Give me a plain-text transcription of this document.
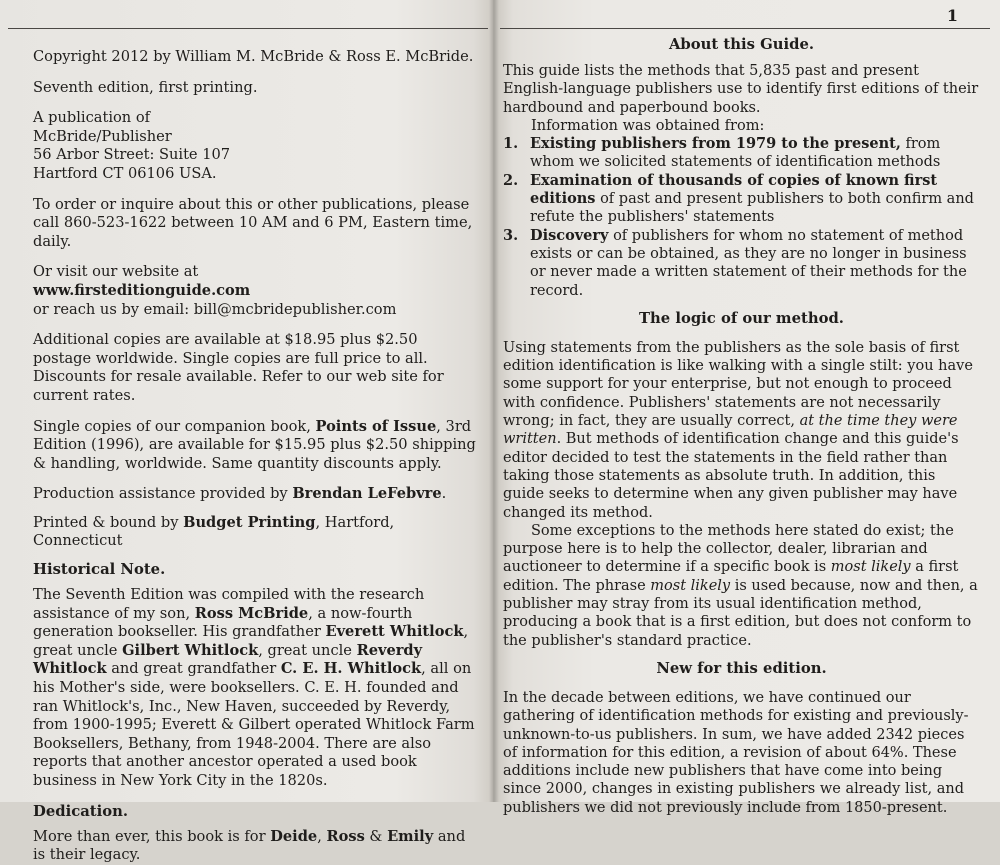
Copyright 2012 by William M. McBride & Ross E. McBride.

Seventh edition, first printing.

A publication of
McBride/Publisher
56 Arbor Street: Suite 107
Hartford CT 06106 USA.

To order or inquire about this or other publications, please call 860-523-1622 between 10 AM and 6 PM, Eastern time, daily.

Or visit our website at
www.firsteditionguide.com
or reach us by email: bill@mcbridepublisher.com

Additional copies are available at $18.95 plus $2.50 postage worldwide. Single copies are full price to all. Discounts for resale available. Refer to our web site for current rates.

Single copies of our companion book, Points of Issue, 3rd Edition (1996), are available for $15.95 plus $2.50 shipping & handling, worldwide. Same quantity discounts apply.

Production assistance provided by Brendan LeFebvre.

Printed & bound by Budget Printing, Hartford, Connecticut

Historical Note.

The Seventh Edition was compiled with the research assistance of my son, Ross McBride, a now-fourth generation bookseller. His grandfather Everett Whitlock, great uncle Gilbert Whitlock, great uncle Reverdy Whitlock and great grandfather C. E. H. Whitlock, all on his Mother's side, were booksellers. C. E. H. founded and ran Whitlock's, Inc., New Haven, succeeded by Reverdy, from 1900-1995; Everett & Gilbert operated Whitlock Farm Booksellers, Bethany, from 1948-2004. There are also reports that another ancestor operated a used book business in New York City in the 1820s.

Dedication.

More than ever, this book is for Deide, Ross & Emily and is their legacy.

About this Guide.

This guide lists the methods that 5,835 past and present English-language publishers use to identify first editions of their hardbound and paperbound books.

Information was obtained from:

1. Existing publishers from 1979 to the present, from whom we solicited statements of identification methods
2. Examination of thousands of copies of known first editions of past and present publishers to both confirm and refute the publishers' statements
3. Discovery of publishers for whom no statement of method exists or can be obtained, as they are no longer in business or never made a written statement of their methods for the record.

The logic of our method.

Using statements from the publishers as the sole basis of first edition identification is like walking with a single stilt: you have some support for your enterprise, but not enough to proceed with confidence. Publishers' statements are not necessarily wrong; in fact, they are usually correct, at the time they were written. But methods of identification change and this guide's editor decided to test the statements in the field rather than taking those statements as absolute truth. In addition, this guide seeks to determine when any given publisher may have changed its method.

Some exceptions to the methods here stated do exist; the purpose here is to help the collector, dealer, librarian and auctioneer to determine if a specific book is most likely a first edition. The phrase most likely is used because, now and then, a publisher may stray from its usual identification method, producing a book that is a first edition, but does not conform to the publisher's standard practice.

New for this edition.

In the decade between editions, we have continued our gathering of identification methods for existing and previously-unknown-to-us publishers. In sum, we have added 2342 pieces of information for this edition, a revision of about 64%. These additions include new publishers that have come into being since 2000, changes in existing publishers we already list, and publishers we did not previously include from 1850-present.

1
